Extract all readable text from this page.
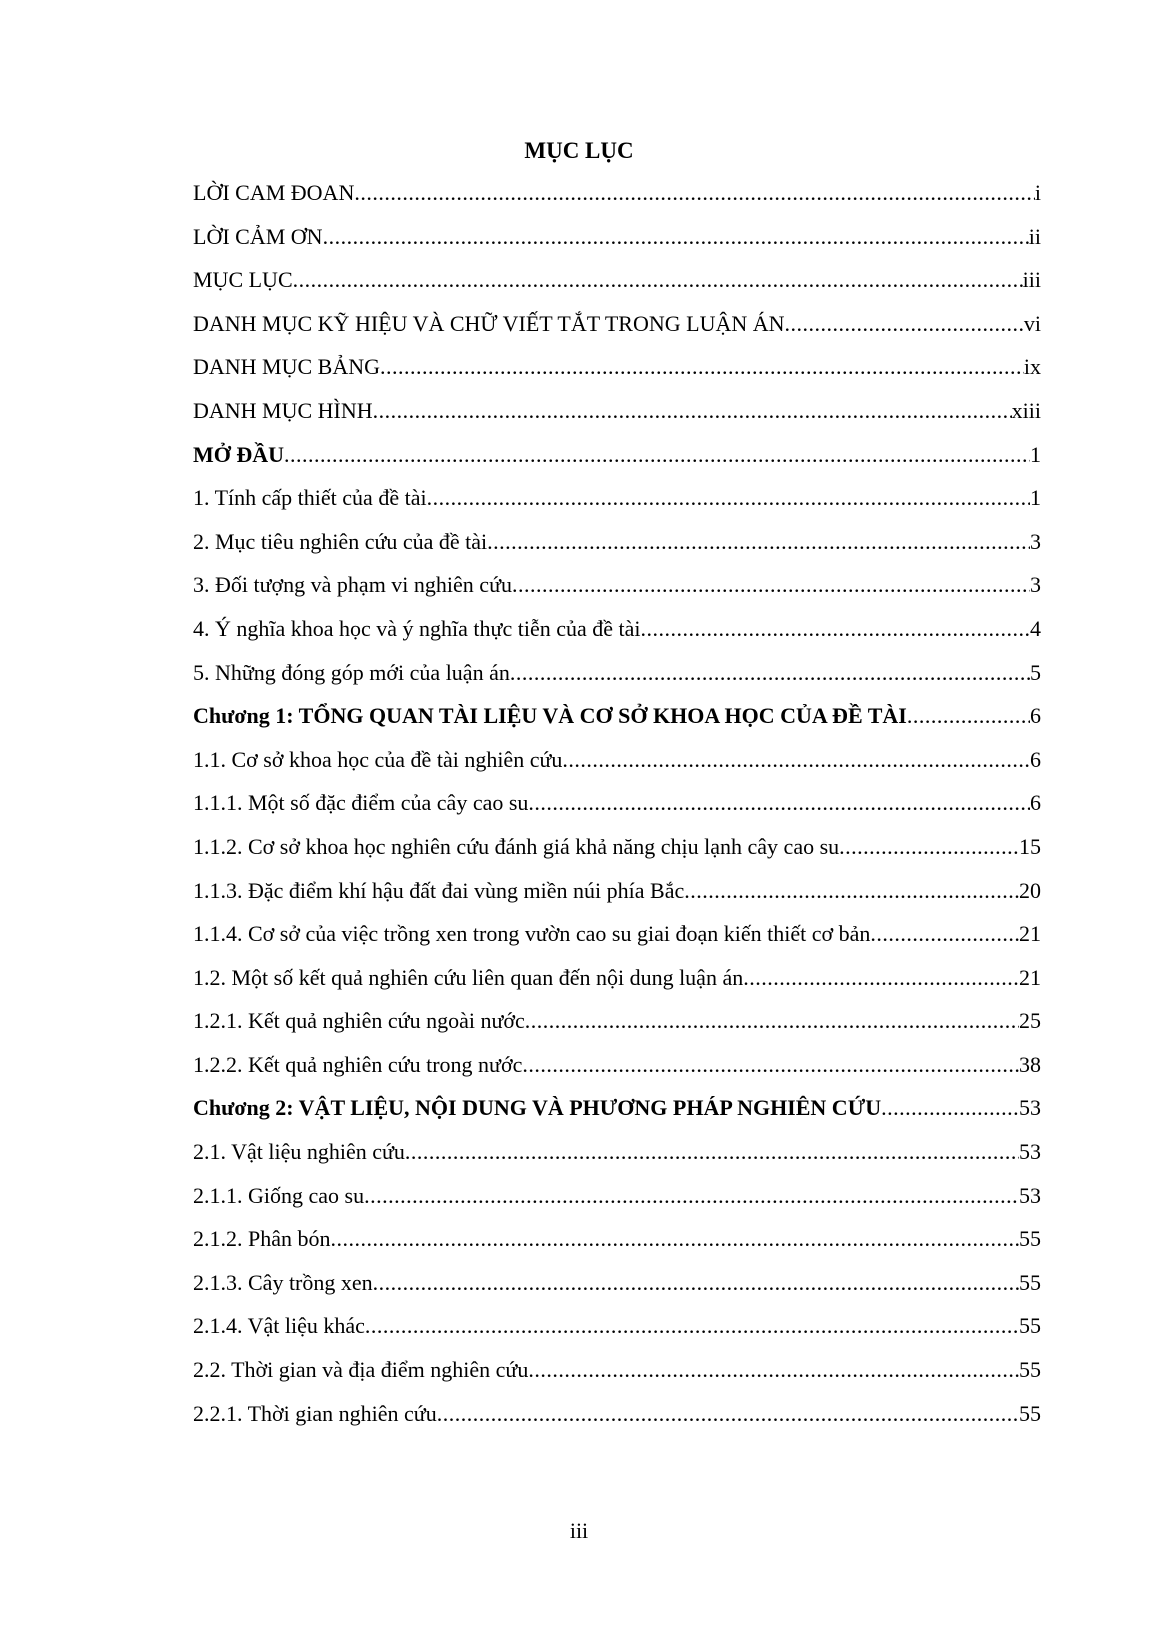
MỤC LỤC
LỜI CAM ĐOAN .....	i
LỜI CẢM ƠN .....	ii
MỤC LỤC .....	iii
DANH MỤC KỸ HIỆU VÀ CHỮ VIẾT TẮT TRONG LUẬN ÁN .....	vi
DANH MỤC BẢNG .....	ix
DANH MỤC HÌNH .....	xiii
MỞ ĐẦU .....	1
1. Tính cấp thiết của đề tài .....	1
2. Mục tiêu nghiên cứu của đề tài .....	3
3. Đối tượng và phạm vi nghiên cứu .....	3
4. Ý nghĩa khoa học và ý nghĩa thực tiễn của đề tài .....	4
5. Những đóng góp mới của luận án .....	5
Chương 1: TỔNG QUAN TÀI LIỆU VÀ CƠ SỞ KHOA HỌC CỦA ĐỀ TÀI .....	6
1.1. Cơ sở khoa học của đề tài nghiên cứu .....	6
1.1.1. Một số đặc điểm của cây cao su .....	6
1.1.2. Cơ sở khoa học nghiên cứu đánh giá khả năng chịu lạnh cây cao su .....	15
1.1.3. Đặc điểm khí hậu đất đai vùng miền núi phía Bắc .....	20
1.1.4. Cơ sở của việc trồng xen trong vườn cao su giai đoạn kiến thiết cơ bản .....	21
1.2. Một số kết quả nghiên cứu liên quan đến nội dung luận án .....	21
1.2.1. Kết quả nghiên cứu ngoài nước .....	25
1.2.2. Kết quả nghiên cứu trong nước .....	38
Chương 2: VẬT LIỆU, NỘI DUNG VÀ PHƯƠNG PHÁP NGHIÊN CỨU .....	53
2.1. Vật liệu nghiên cứu .....	53
2.1.1. Giống cao su .....	53
2.1.2. Phân bón .....	55
2.1.3. Cây trồng xen .....	55
2.1.4. Vật liệu khác .....	55
2.2. Thời gian và địa điểm nghiên cứu .....	55
2.2.1. Thời gian nghiên cứu .....	55
iii
